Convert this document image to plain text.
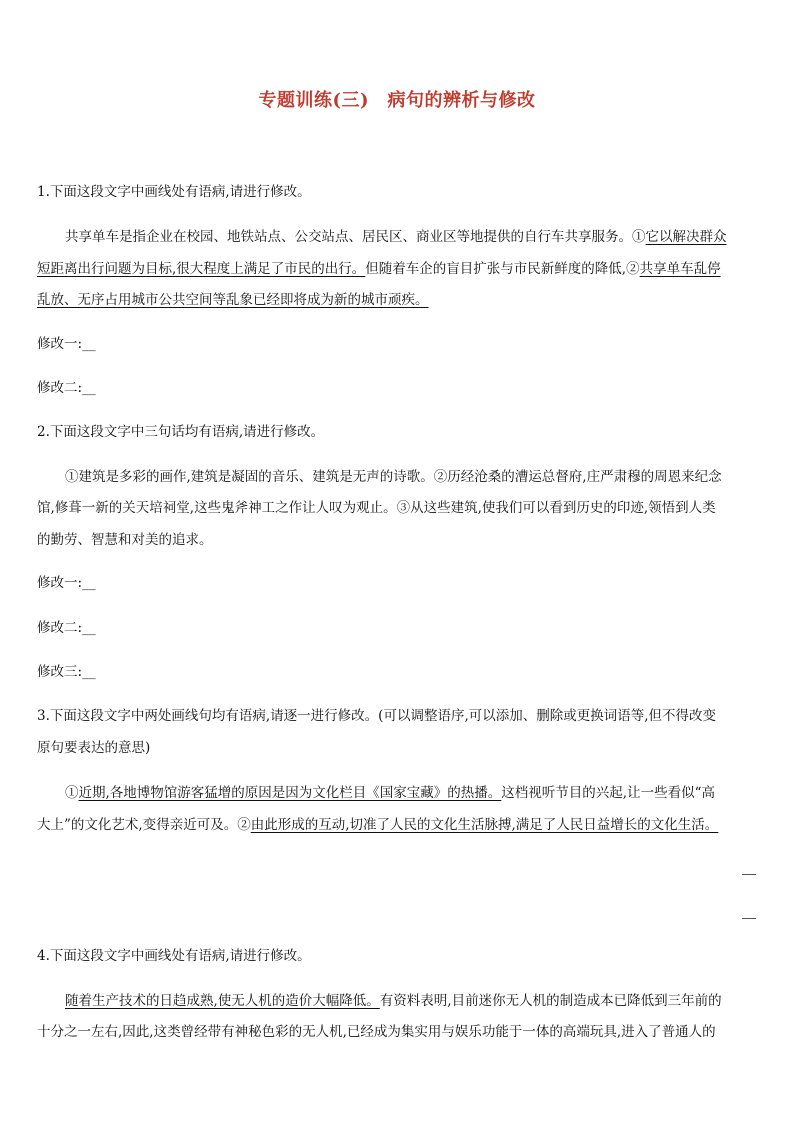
专题训练(三)　病句的辨析与修改
1.下面这段文字中画线处有语病,请进行修改。
共享单车是指企业在校园、地铁站点、公交站点、居民区、商业区等地提供的自行车共享服务。①它以解决群众
短距离出行问题为目标,很大程度上满足了市民的出行。但随着车企的盲目扩张与市民新鲜度的降低,②共享单车乱停
乱放、无序占用城市公共空间等乱象已经即将成为新的城市顽疾。
修改一:__
修改二:__
2.下面这段文字中三句话均有语病,请进行修改。
①建筑是多彩的画作,建筑是凝固的音乐、建筑是无声的诗歌。②历经沧桑的漕运总督府,庄严肃穆的周恩来纪念
馆,修葺一新的关天培祠堂,这些鬼斧神工之作让人叹为观止。③从这些建筑,使我们可以看到历史的印迹,领悟到人类
的勤劳、智慧和对美的追求。
修改一:__
修改二:__
修改三:__
3.下面这段文字中两处画线句均有语病,请逐一进行修改。(可以调整语序,可以添加、删除或更换词语等,但不得改变
原句要表达的意思)
①近期,各地博物馆游客猛增的原因是因为文化栏目《国家宝藏》的热播。这档视听节目的兴起,让一些看似“高
大上”的文化艺术,变得亲近可及。②由此形成的互动,切准了人民的文化生活脉搏,满足了人民日益增长的文化生活。
4.下面这段文字中画线处有语病,请进行修改。
随着生产技术的日趋成熟,使无人机的造价大幅降低。有资料表明,目前迷你无人机的制造成本已降低到三年前的
十分之一左右,因此,这类曾经带有神秘色彩的无人机,已经成为集实用与娱乐功能于一体的高端玩具,进入了普通人的
